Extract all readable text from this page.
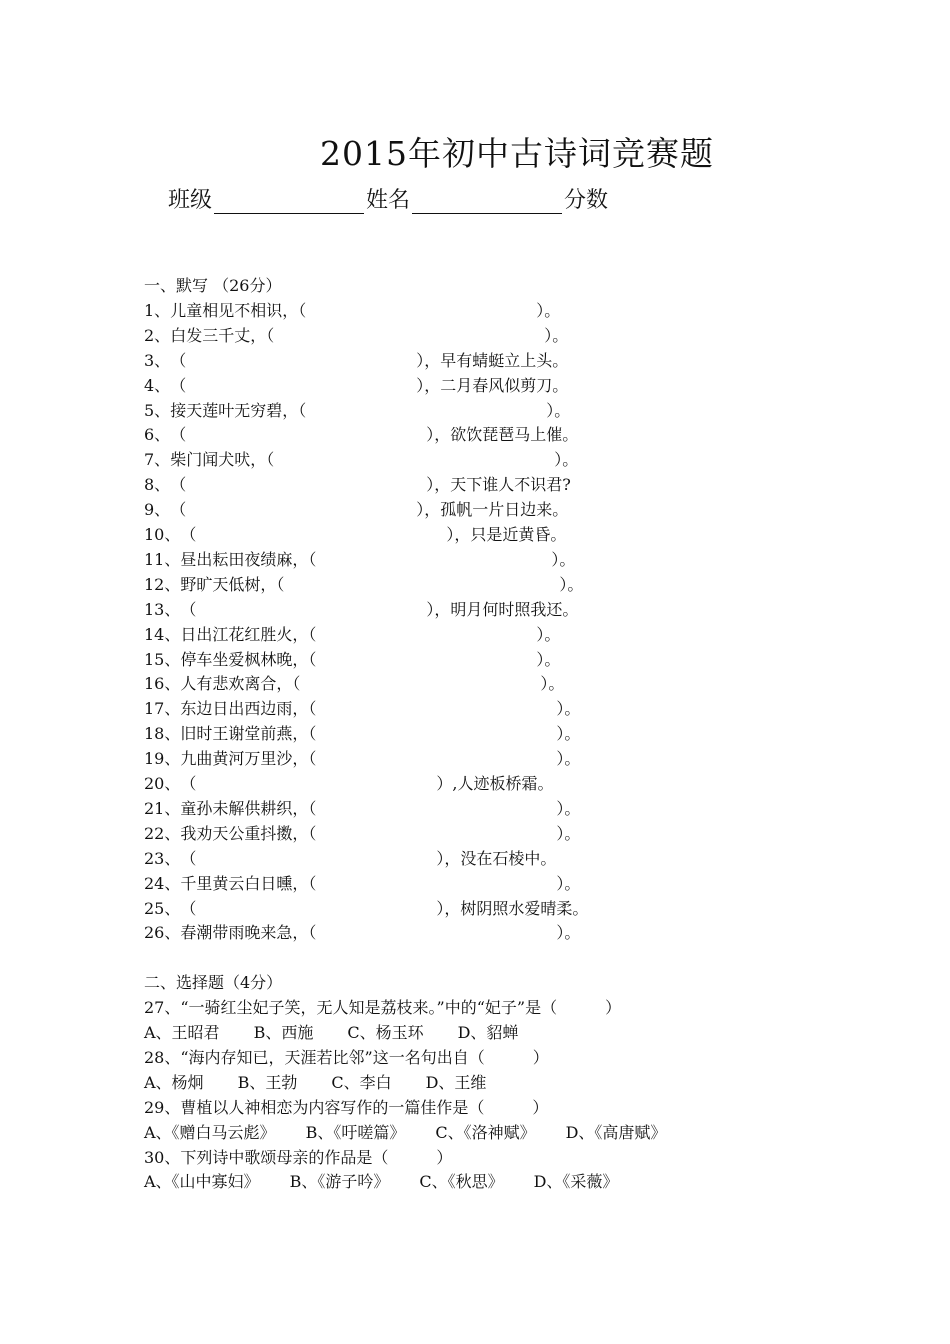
2015年初中古诗词竞赛题
班级	姓名	分数
一、默写 （26分）
1、儿童相见不相识，（	）。
2、白发三千丈，（	）。
3、（	），早有蜻蜓立上头。
4、（	），二月春风似剪刀。
5、接天莲叶无穷碧，（	）。
6、（	），欲饮琵琶马上催。
7、柴门闻犬吠，（	）。
8、（	），天下谁人不识君?
9、（	），孤帆一片日边来。
10、（	），只是近黄昏。
11、昼出耘田夜绩麻，（	）。
12、野旷天低树，（	）。
13、（	），明月何时照我还。
14、日出江花红胜火，（	）。
15、停车坐爱枫林晚，（	）。
16、人有悲欢离合，（	）。
17、东边日出西边雨，（	）。
18、旧时王谢堂前燕，（	）。
19、九曲黄河万里沙，（	）。
20、（	）,人迹板桥霜。
21、童孙未解供耕织，（	）。
22、我劝天公重抖擞，（	）。
23、（	），没在石棱中。
24、千里黄云白日曛，（	）。
25、（	），树阴照水爱晴柔。
26、春潮带雨晚来急，（	）。
二、选择题（4分）
27、“一骑红尘妃子笑，无人知是荔枝来。”中的“妃子”是（　　　）
A、王昭君 B、西施 C、杨玉环 D、貂蝉
28、“海内存知已，天涯若比邻”这一名句出自（　　　）
A、杨炯 B、王勃 C、李白 D、王维
29、曹植以人神相恋为内容写作的一篇佳作是（　　　）
A、《赠白马云彪》 B、《吁嗟篇》 C、《洛神赋》 D、《高唐赋》
30、下列诗中歌颂母亲的作品是（　　　）
A、《山中寡妇》 B、《游子吟》 C、《秋思》 D、《采薇》
